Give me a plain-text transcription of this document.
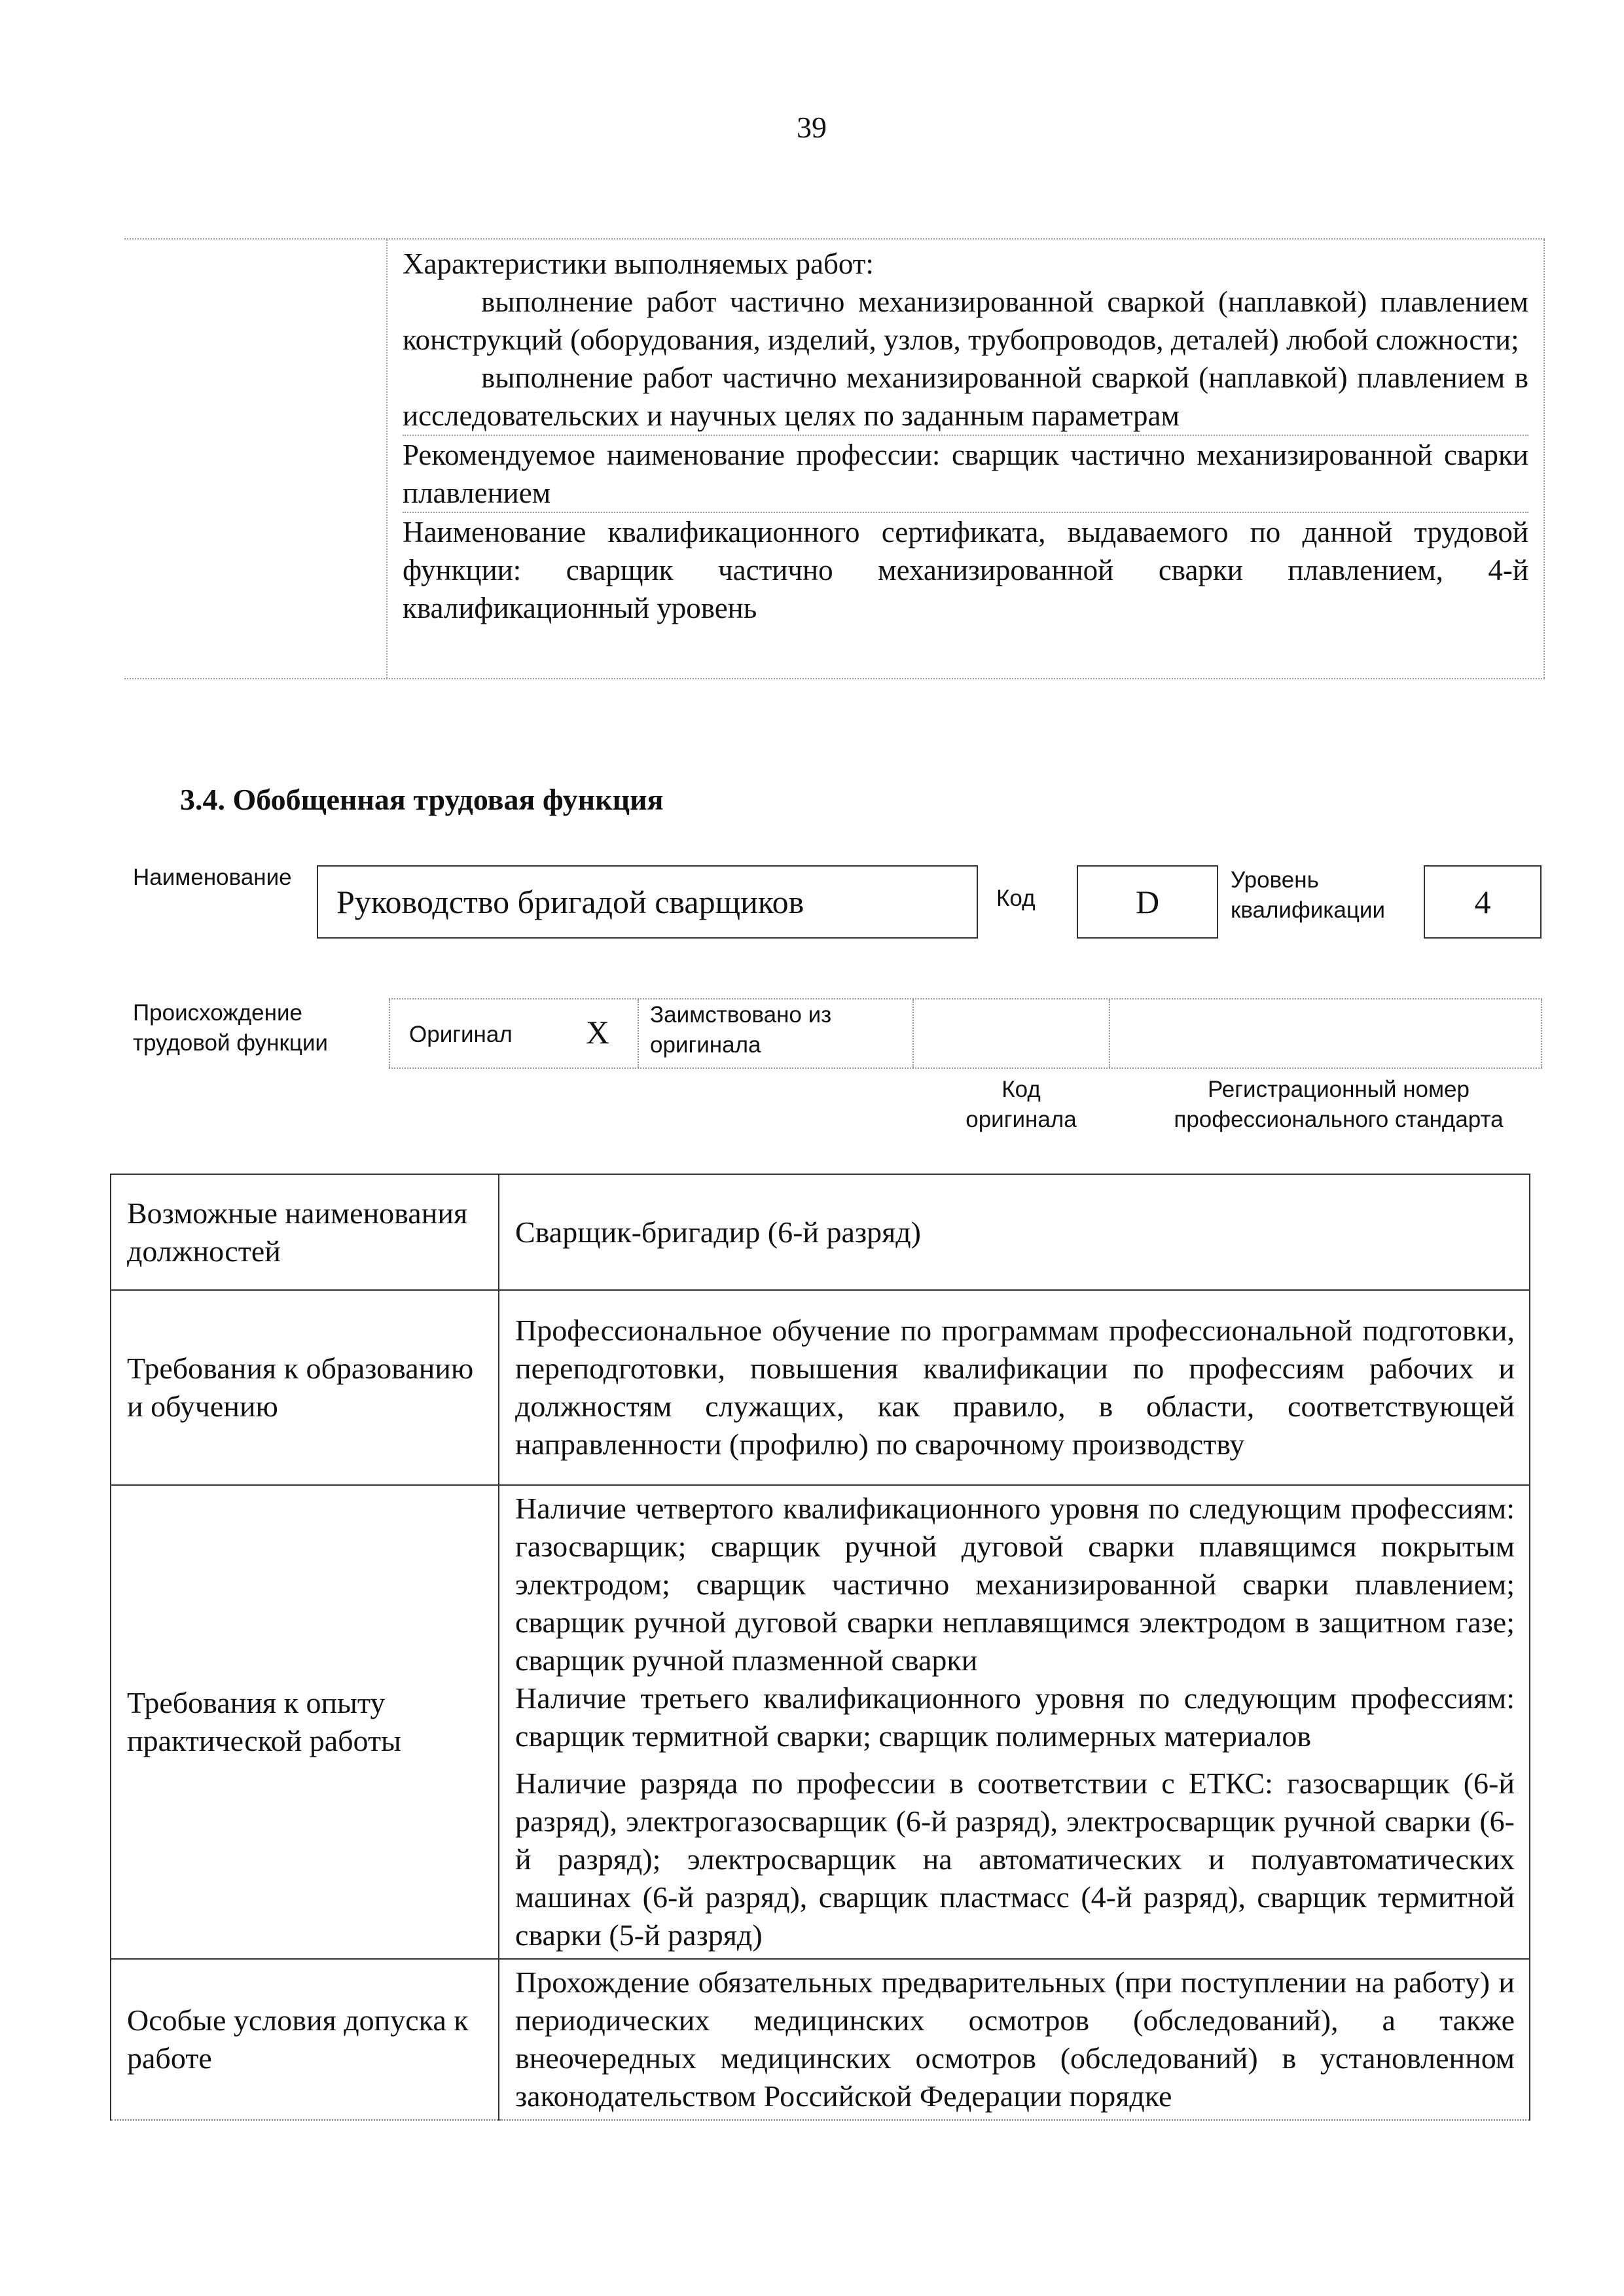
39

Характеристики выполняемых работ:

выполнение работ частично механизированной сваркой (наплавкой) плавлением конструкций (оборудования, изделий, узлов, трубопроводов, деталей) любой сложности;

выполнение работ частично механизированной сваркой (наплавкой) плавлением в исследовательских и научных целях по заданным параметрам

Рекомендуемое наименование профессии: сварщик частично механизированной сварки плавлением

Наименование квалификационного сертификата, выдаваемого по данной трудовой функции: сварщик частично механизированной сварки плавлением, 4-й квалификационный уровень

3.4. Обобщенная трудовая функция
Наименование
Руководство бригадой сварщиков	Код	D
Уровень
квалификации	4
Происхождение
трудовой функции	Оригинал X Заимствовано из
оригинала
Код
оригинала
Регистрационный номер
профессионального стандарта
Возможные наименования должностей	Сварщик-бригадир (6-й разряд)
Требования к образованию и обучению	Профессиональное обучение по программам профессиональной подготовки, переподготовки, повышения квалификации по профессиям рабочих и должностям служащих, как правило, в области, соответствующей направленности (профилю) по сварочному производству
Требования к опыту практической работы	Наличие четвертого квалификационного уровня по следующим профессиям: газосварщик; сварщик ручной дуговой сварки плавящимся покрытым электродом; сварщик частично механизированной сварки плавлением; сварщик ручной дуговой сварки неплавящимся электродом в защитном газе; сварщик ручной плазменной сварки

Наличие третьего квалификационного уровня по следующим профессиям: сварщик термитной сварки; сварщик полимерных материалов

Наличие разряда по профессии в соответствии с ЕТКС: газосварщик (6-й разряд), электрогазосварщик (6-й разряд), электросварщик ручной сварки (6-й разряд); электросварщик на автоматических и полуавтоматических машинах (6-й разряд), сварщик пластмасс (4-й разряд), сварщик термитной сварки (5-й разряд)

Особые условия допуска к работе	Прохождение обязательных предварительных (при поступлении на работу) и периодических медицинских осмотров (обследований), а также внеочередных медицинских осмотров (обследований) в установленном законодательством Российской Федерации порядке
